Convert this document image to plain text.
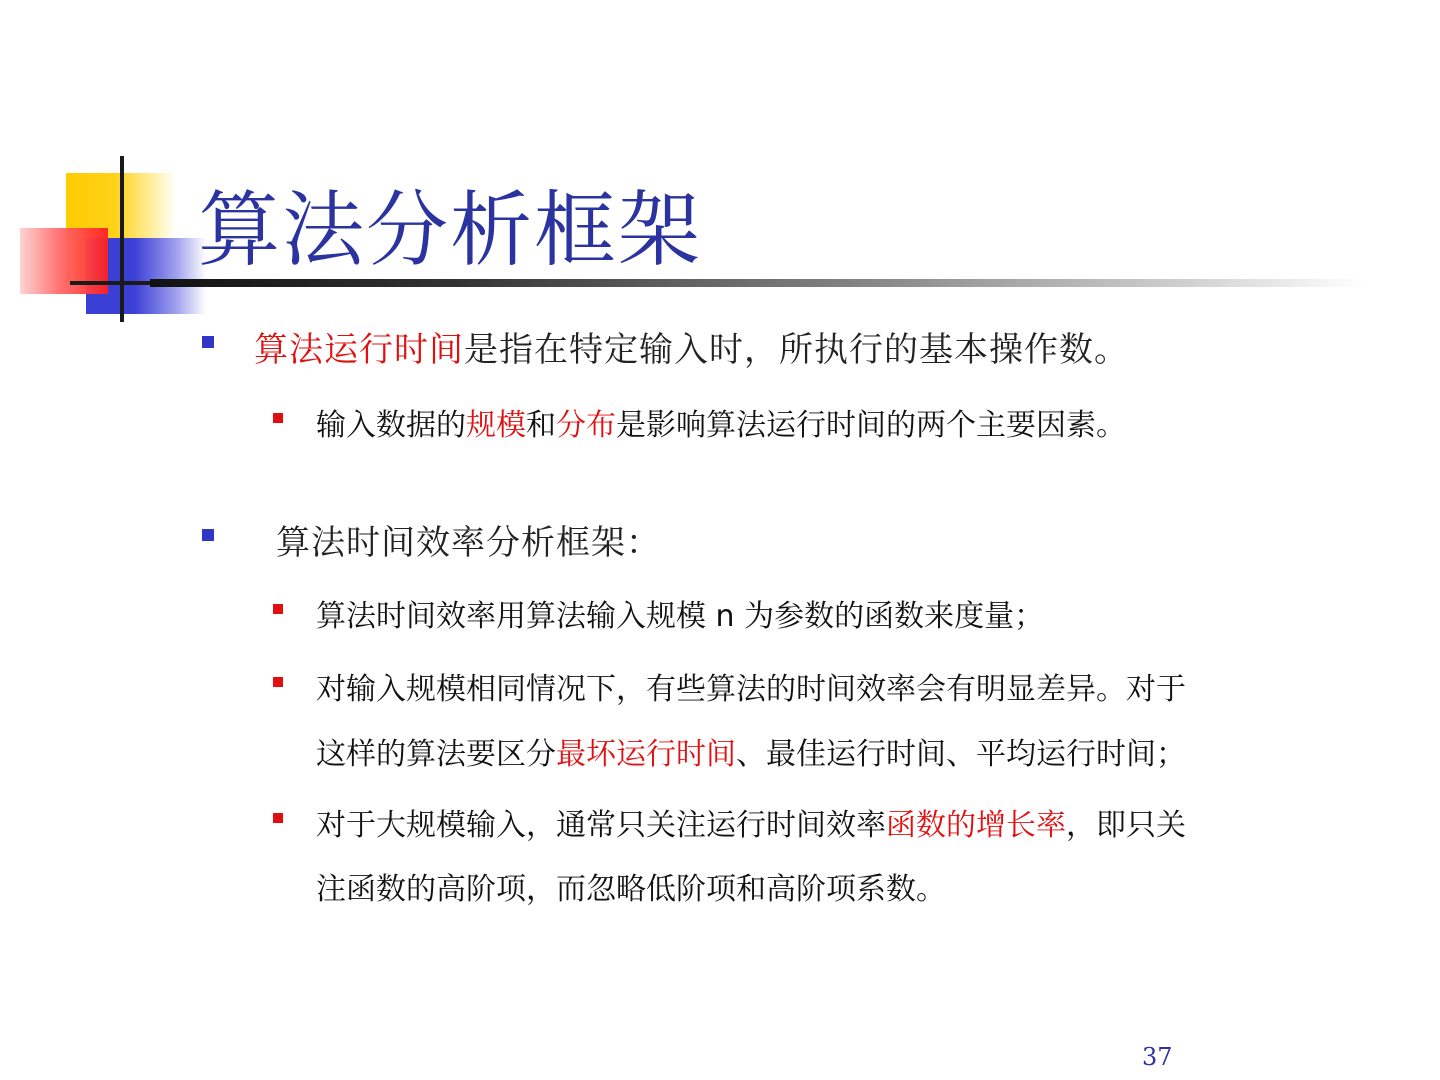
算法分析框架
算法运行时间是指在特定输入时，所执行的基本操作数。
输入数据的规模和分布是影响算法运行时间的两个主要因素。
算法时间效率分析框架：
算法时间效率用算法输入规模 n 为参数的函数来度量；
对输入规模相同情况下，有些算法的时间效率会有明显差异。对于
这样的算法要区分最坏运行时间、最佳运行时间、平均运行时间；
对于大规模输入，通常只关注运行时间效率函数的增长率，即只关
注函数的高阶项，而忽略低阶项和高阶项系数。
37
